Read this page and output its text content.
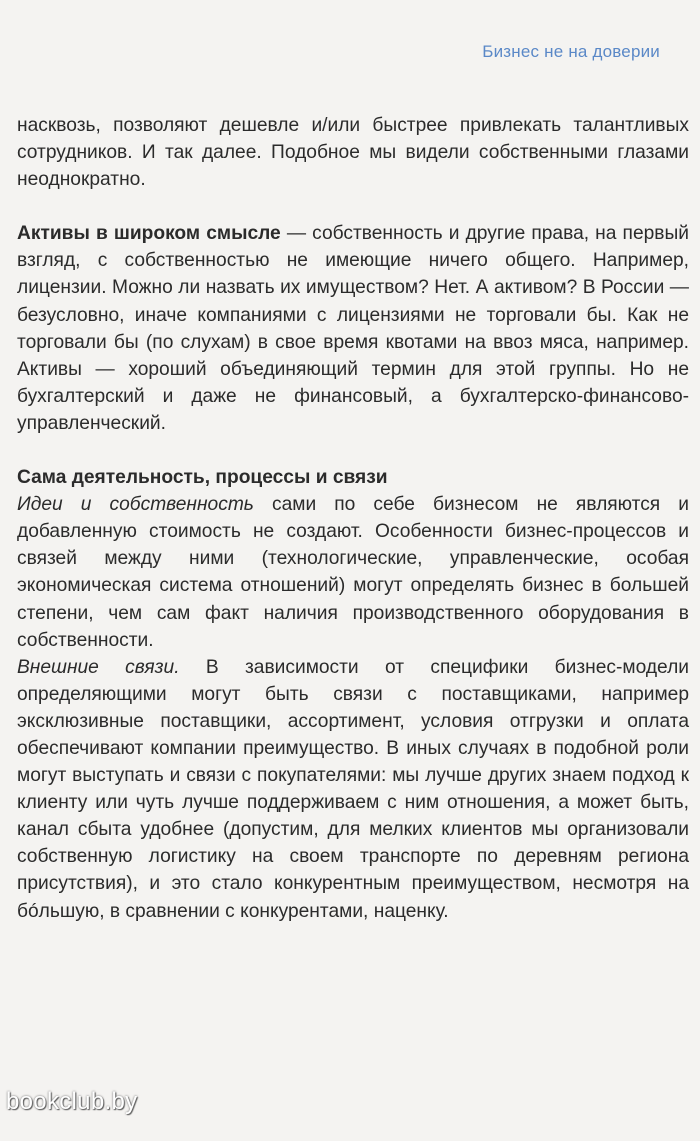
Бизнес не на доверии

насквозь, позволяют дешевле и/или быстрее привлекать талантливых сотрудников. И так далее. Подобное мы видели собственными глазами неоднократно.

Активы в широком смысле — собственность и другие права, на первый взгляд, с собственностью не имеющие ничего общего. Например, лицензии. Можно ли назвать их имуществом? Нет. А активом? В России — безусловно, иначе компаниями с лицензиями не торговали бы. Как не торговали бы (по слухам) в свое время квотами на ввоз мяса, например. Активы — хороший объединяющий термин для этой группы. Но не бухгалтерский и даже не финансовый, а бухгалтерско-финансово-управленческий.

Сама деятельность, процессы и связи

Идеи и собственность сами по себе бизнесом не являются и добавленную стоимость не создают. Особенности бизнес-процессов и связей между ними (технологические, управленческие, особая экономическая система отношений) могут определять бизнес в большей степени, чем сам факт наличия производственного оборудования в собственности.

Внешние связи. В зависимости от специфики бизнес-модели определяющими могут быть связи с поставщиками, например эксклюзивные поставщики, ассортимент, условия отгрузки и оплата обеспечивают компании преимущество. В иных случаях в подобной роли могут выступать и связи с покупателями: мы лучше других знаем подход к клиенту или чуть лучше поддерживаем с ним отношения, а может быть, канал сбыта удобнее (допустим, для мелких клиентов мы организовали собственную логистику на своем транспорте по деревням региона присутствия), и это стало конкурентным преимуществом, несмотря на бóльшую, в сравнении с конкурентами, наценку.

bookclub.by
